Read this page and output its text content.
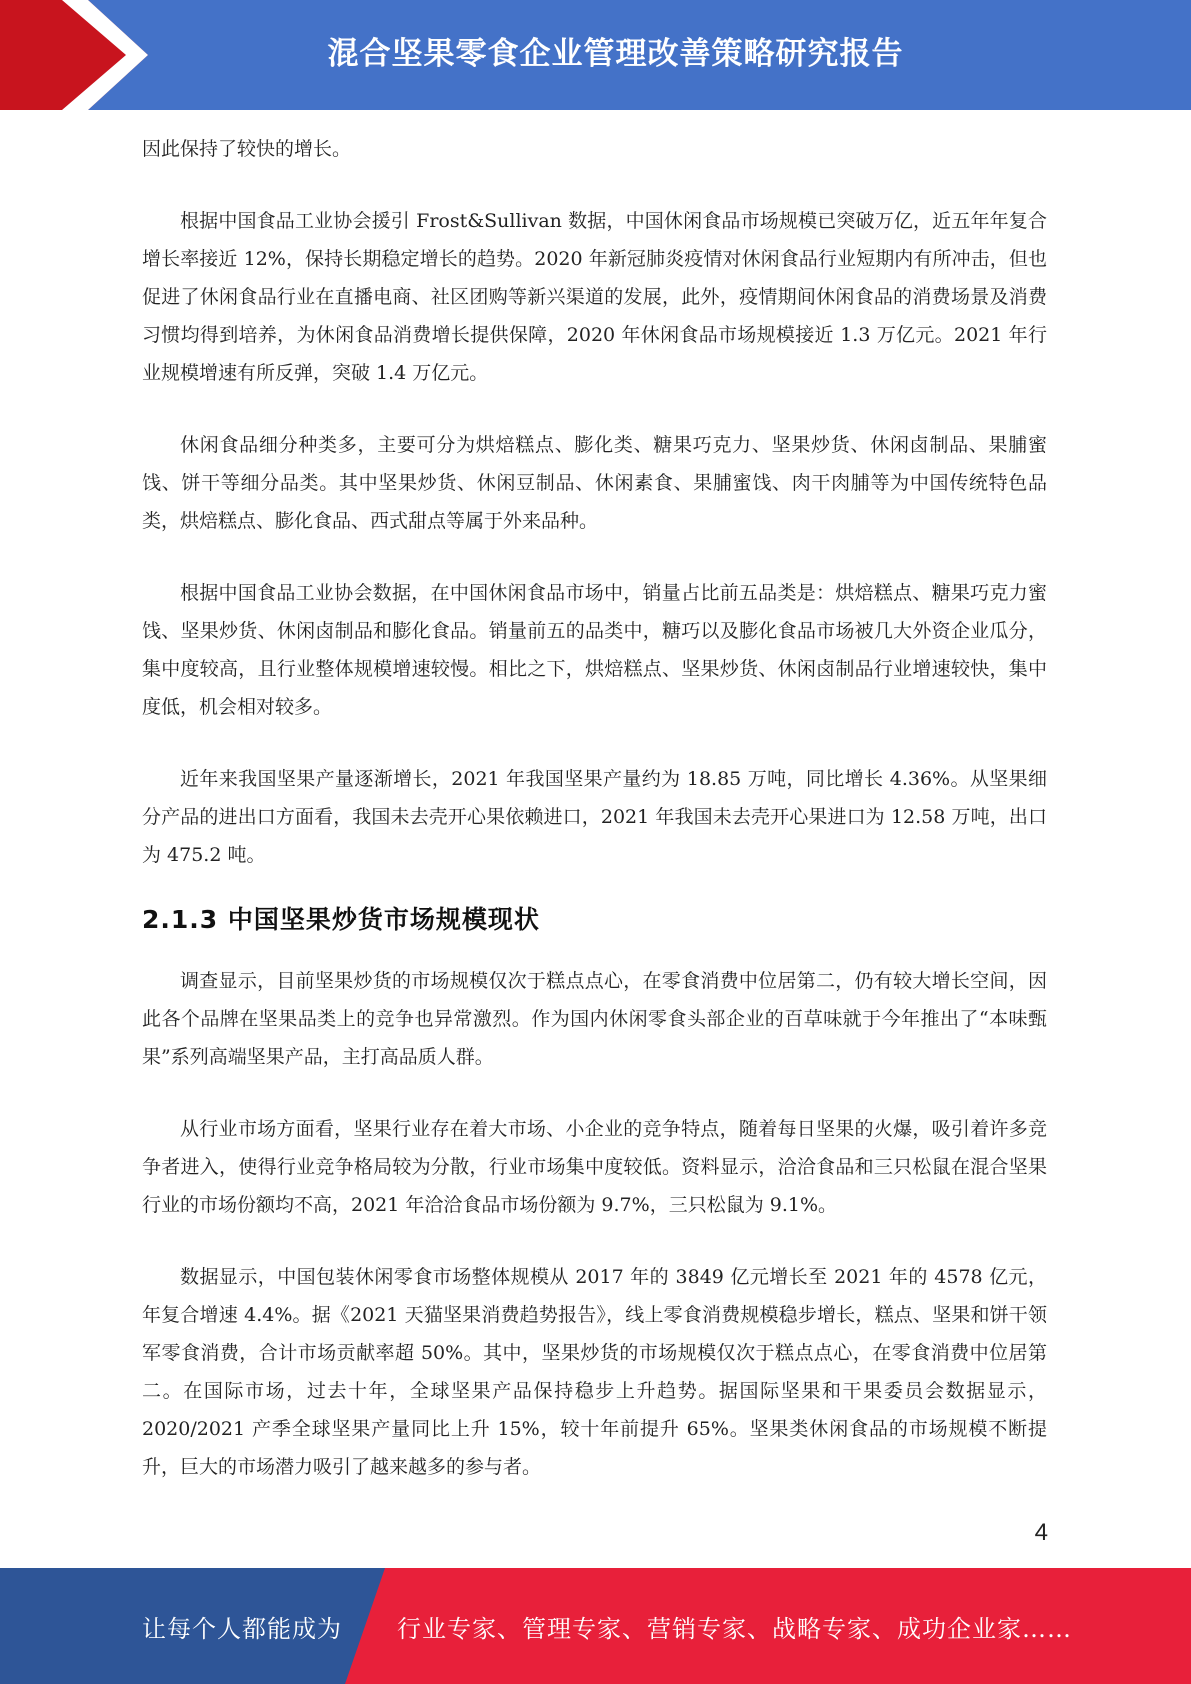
混合坚果零食企业管理改善策略研究报告

因此保持了较快的增长。

根据中国食品工业协会援引 Frost&Sullivan 数据，中国休闲食品市场规模已突破万亿，近五年年复合增长率接近 12%，保持长期稳定增长的趋势。2020 年新冠肺炎疫情对休闲食品行业短期内有所冲击，但也促进了休闲食品行业在直播电商、社区团购等新兴渠道的发展，此外，疫情期间休闲食品的消费场景及消费习惯均得到培养，为休闲食品消费增长提供保障，2020 年休闲食品市场规模接近 1.3 万亿元。2021 年行业规模增速有所反弹，突破 1.4 万亿元。

休闲食品细分种类多，主要可分为烘焙糕点、膨化类、糖果巧克力、坚果炒货、休闲卤制品、果脯蜜饯、饼干等细分品类。其中坚果炒货、休闲豆制品、休闲素食、果脯蜜饯、肉干肉脯等为中国传统特色品类，烘焙糕点、膨化食品、西式甜点等属于外来品种。

根据中国食品工业协会数据，在中国休闲食品市场中，销量占比前五品类是：烘焙糕点、糖果巧克力蜜饯、坚果炒货、休闲卤制品和膨化食品。销量前五的品类中，糖巧以及膨化食品市场被几大外资企业瓜分，集中度较高，且行业整体规模增速较慢。相比之下，烘焙糕点、坚果炒货、休闲卤制品行业增速较快，集中度低，机会相对较多。

近年来我国坚果产量逐渐增长，2021 年我国坚果产量约为 18.85 万吨，同比增长 4.36%。从坚果细分产品的进出口方面看，我国未去壳开心果依赖进口，2021 年我国未去壳开心果进口为 12.58 万吨，出口为 475.2 吨。

2.1.3 中国坚果炒货市场规模现状

调查显示，目前坚果炒货的市场规模仅次于糕点点心，在零食消费中位居第二，仍有较大增长空间，因此各个品牌在坚果品类上的竞争也异常激烈。作为国内休闲零食头部企业的百草味就于今年推出了“本味甄果”系列高端坚果产品，主打高品质人群。

从行业市场方面看，坚果行业存在着大市场、小企业的竞争特点，随着每日坚果的火爆，吸引着许多竞争者进入，使得行业竞争格局较为分散，行业市场集中度较低。资料显示，洽洽食品和三只松鼠在混合坚果行业的市场份额均不高，2021 年洽洽食品市场份额为 9.7%，三只松鼠为 9.1%。

数据显示，中国包装休闲零食市场整体规模从 2017 年的 3849 亿元增长至 2021 年的 4578 亿元，年复合增速 4.4%。据《2021 天猫坚果消费趋势报告》，线上零食消费规模稳步增长，糕点、坚果和饼干领军零食消费，合计市场贡献率超 50%。其中，坚果炒货的市场规模仅次于糕点点心，在零食消费中位居第二。在国际市场，过去十年，全球坚果产品保持稳步上升趋势。据国际坚果和干果委员会数据显示，2020/2021 产季全球坚果产量同比上升 15%，较十年前提升 65%。坚果类休闲食品的市场规模不断提升，巨大的市场潜力吸引了越来越多的参与者。

4
让每个人都能成为 行业专家、管理专家、营销专家、战略专家、成功企业家……
